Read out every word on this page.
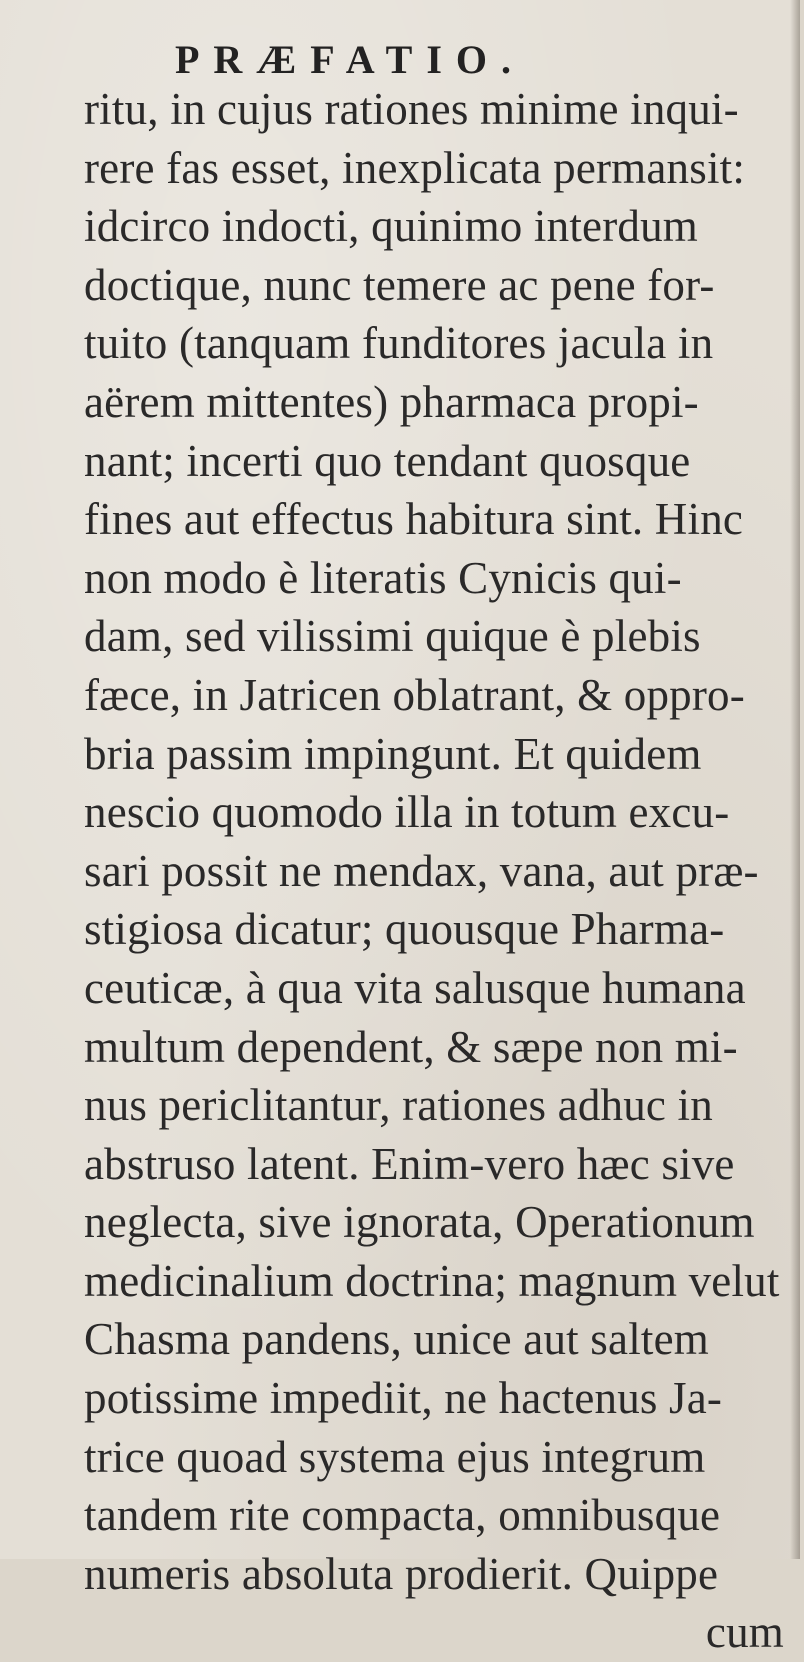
PRÆFATIO.
ritu, in cujus rationes minime inqui-
rere fas esset, inexplicata permansit:
idcirco indocti, quinimo interdum
doctique, nunc temere ac pene for-
tuito (tanquam funditores jacula in
aërem mittentes) pharmaca propi-
nant; incerti quo tendant quosque
fines aut effectus habitura sint. Hinc
non modo è literatis Cynicis qui-
dam, sed vilissimi quique è plebis
fæce, in Jatricen oblatrant, & oppro-
bria passim impingunt. Et quidem
nescio quomodo illa in totum excu-
sari possit ne mendax, vana, aut præ-
stigiosa dicatur; quousque Pharma-
ceuticæ, à qua vita salusque humana
multum dependent, & sæpe non mi-
nus periclitantur, rationes adhuc in
abstruso latent. Enim-vero hæc sive
neglecta, sive ignorata, Operationum
medicinalium doctrina; magnum velut
Chasma pandens, unice aut saltem
potissime impediit, ne hactenus Ja-
trice quoad systema ejus integrum
tandem rite compacta, omnibusque
numeris absoluta prodierit. Quippe
cum
